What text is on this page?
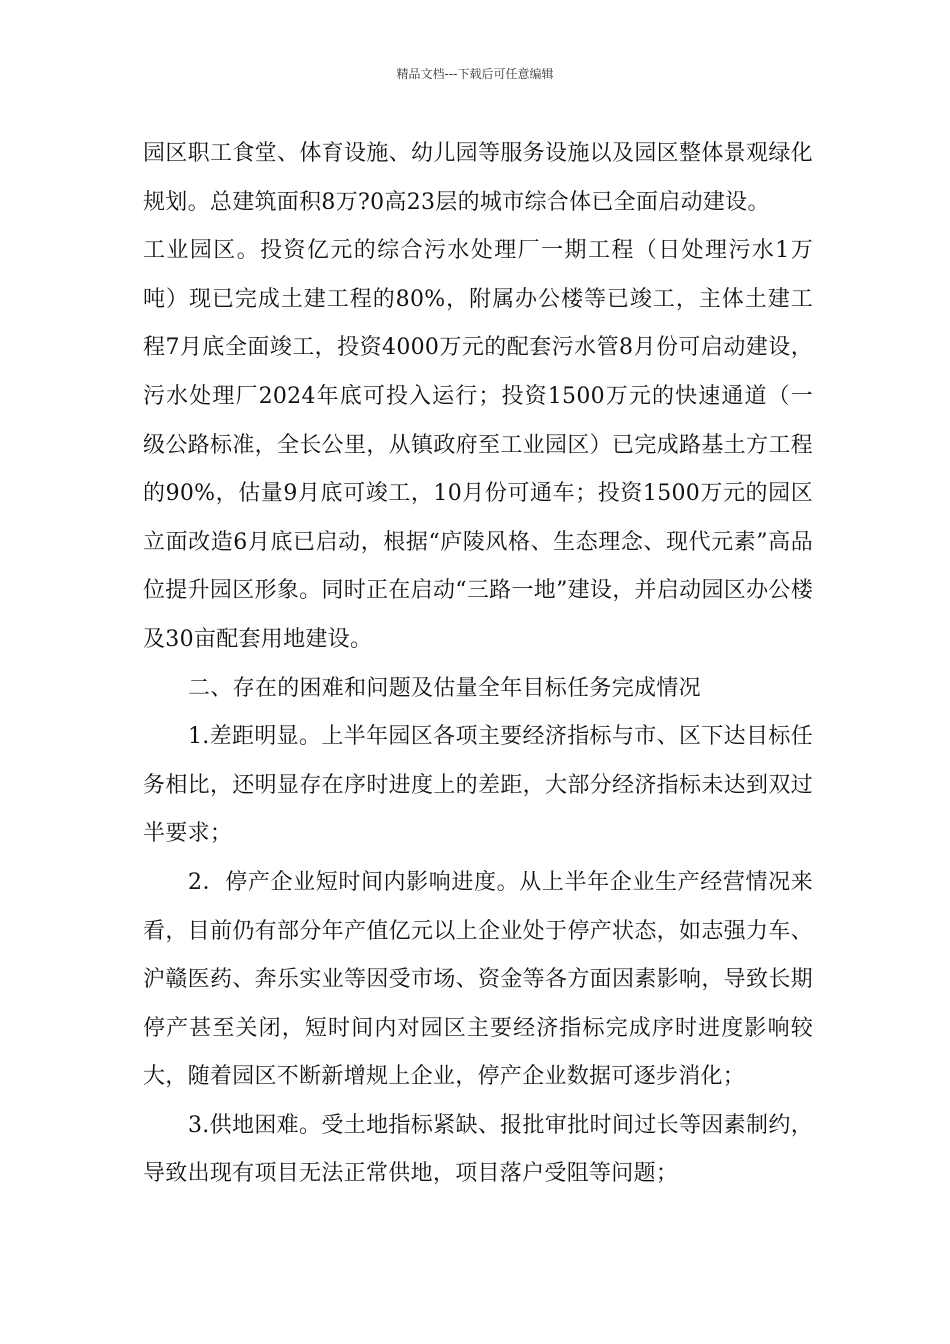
精品文档---下载后可任意编辑

园区职工食堂、体育设施、幼儿园等服务设施以及园区整体景观绿化规划。总建筑面积8万?0高23层的城市综合体已全面启动建设。

工业园区。投资亿元的综合污水处理厂一期工程（日处理污水1万吨）现已完成土建工程的80%，附属办公楼等已竣工，主体土建工程7月底全面竣工，投资4000万元的配套污水管8月份可启动建设，污水处理厂2024年底可投入运行；投资1500万元的快速通道（一级公路标准，全长公里，从镇政府至工业园区）已完成路基土方工程的90%，估量9月底可竣工，10月份可通车；投资1500万元的园区立面改造6月底已启动，根据“庐陵风格、生态理念、现代元素”高品位提升园区形象。同时正在启动“三路一地”建设，并启动园区办公楼及30亩配套用地建设。

二、存在的困难和问题及估量全年目标任务完成情况

1.差距明显。上半年园区各项主要经济指标与市、区下达目标任务相比，还明显存在序时进度上的差距，大部分经济指标未达到双过半要求；

2．停产企业短时间内影响进度。从上半年企业生产经营情况来看，目前仍有部分年产值亿元以上企业处于停产状态，如志强力车、沪赣医药、奔乐实业等因受市场、资金等各方面因素影响，导致长期停产甚至关闭，短时间内对园区主要经济指标完成序时进度影响较大，随着园区不断新增规上企业，停产企业数据可逐步消化；

3.供地困难。受土地指标紧缺、报批审批时间过长等因素制约，导致出现有项目无法正常供地，项目落户受阻等问题；
